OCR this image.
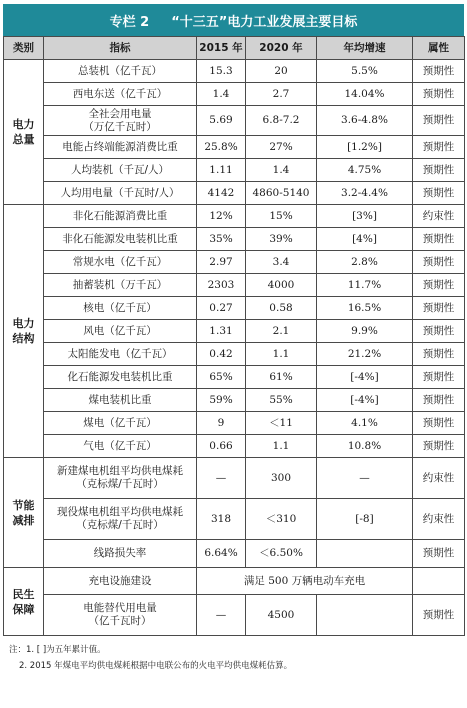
专栏 2 “十三五”电力工业发展主要目标
类别	指标	2015 年	2020 年	年均增速	属性
电力
总量	总装机（亿千瓦）	15.3	20	5.5%	预期性
	西电东送（亿千瓦）	1.4	2.7	14.04%	预期性
	全社会用电量
（万亿千瓦时）	5.69	6.8-7.2	3.6-4.8%	预期性
	电能占终端能源消费比重	25.8%	27%	[1.2%]	预期性
	人均装机（千瓦/人）	1.11	1.4	4.75%	预期性
	人均用电量（千瓦时/人）	4142	4860-5140	3.2-4.4%	预期性
电力
结构	非化石能源消费比重	12%	15%	[3%]	约束性
	非化石能源发电装机比重	35%	39%	[4%]	预期性
	常规水电（亿千瓦）	2.97	3.4	2.8%	预期性
	抽蓄装机（万千瓦）	2303	4000	11.7%	预期性
	核电（亿千瓦）	0.27	0.58	16.5%	预期性
	风电（亿千瓦）	1.31	2.1	9.9%	预期性
	太阳能发电（亿千瓦）	0.42	1.1	21.2%	预期性
	化石能源发电装机比重	65%	61%	[-4%]	预期性
	煤电装机比重	59%	55%	[-4%]	预期性
	煤电（亿千瓦）	9	＜11	4.1%	预期性
	气电（亿千瓦）	0.66	1.1	10.8%	预期性
节能
减排	新建煤电机组平均供电煤耗
（克标煤/千瓦时）	—	300	—	约束性
	现役煤电机组平均供电煤耗
（克标煤/千瓦时）	318	＜310	[-8]	约束性
	线路损失率	6.64%	＜6.50%		预期性
民生
保障	充电设施建设	满足 500 万辆电动车充电			
	电能替代用电量
（亿千瓦时）	—	4500		预期性
注：1. [ ]为五年累计值。
2. 2015 年煤电平均供电煤耗根据中电联公布的火电平均供电煤耗估算。
